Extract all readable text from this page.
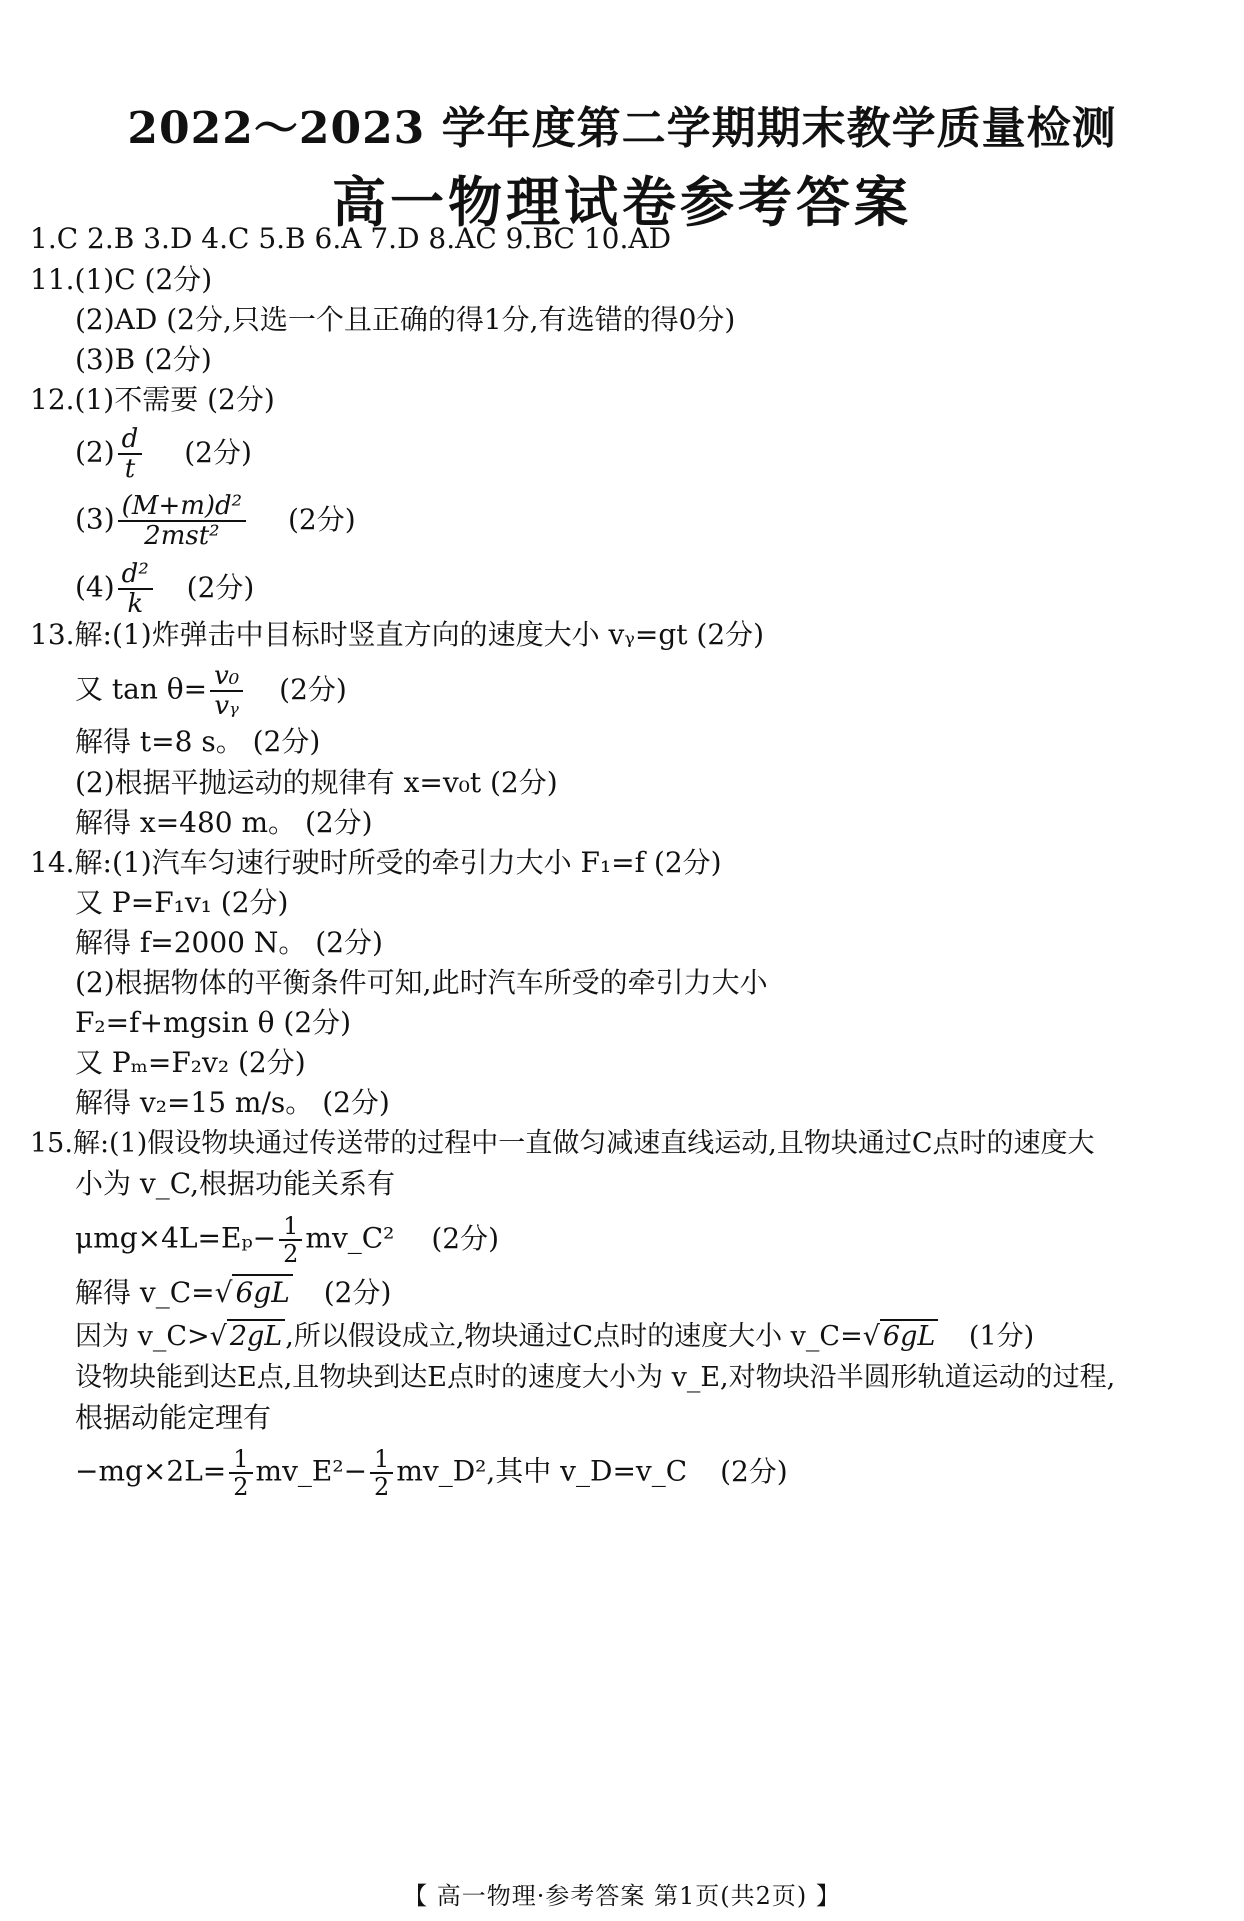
2022～2023 学年度第二学期期末教学质量检测
高一物理试卷参考答案
1.C 2.B 3.D 4.C 5.B 6.A 7.D 8.AC 9.BC 10.AD
11.(1)C (2分)
(2)AD (2分,只选一个且正确的得1分,有选错的得0分)
(3)B (2分)
12.(1)不需要 (2分)
$(2) \frac{d}{t} (2$分)
$(3) \frac{\text{(M+m)d²}}{\text{2mst²}} (2$分)
$(4) \frac{\text{d²}}{k} (2$分)
13.解:(1)炸弹击中目标时竖直方向的速度大小 vᵧ=gt (2分)
又 $\tan \theta= \frac{\text{v₀}}{\text{vᵧ}} (2$分)
解得 t=8 s。 (2分)
(2)根据平抛运动的规律有 x=v₀t (2分)
解得 x=480 m。 (2分)
14.解:(1)汽车匀速行驶时所受的牵引力大小 F₁=f (2分)
又 P=F₁v₁ (2分)
解得 f=2000 N。 (2分)
(2)根据物体的平衡条件可知,此时汽车所受的牵引力大小
F₂=f+mgsin θ (2分)
又 Pₘ=F₂v₂ (2分)
解得 v₂=15 m/s。 (2分)
15.解:(1)假设物块通过传送带的过程中一直做匀减速直线运动,且物块通过C点时的速度大
小为 v_C,根据功能关系有
$\mu mg\times 4L=E_p- \frac{1}{2}$ mv_C² (2分)
解得 v_C=√ 6gL (2分)
因为 v_C>√ 2gL ,所以假设成立,物块通过C点时的速度大小 v_C=√ 6gL (1分)
设物块能到达E点,且物块到达E点时的速度大小为 v_E,对物块沿半圆形轨道运动的过程,
根据动能定理有
$-mg\times 2L= \frac{1}{2}$ mv_E²− $\frac{1}{2}$ mv_D²,其中 v_D=v_C (2分)
【 高一物理·参考答案 第1页(共2页) 】
